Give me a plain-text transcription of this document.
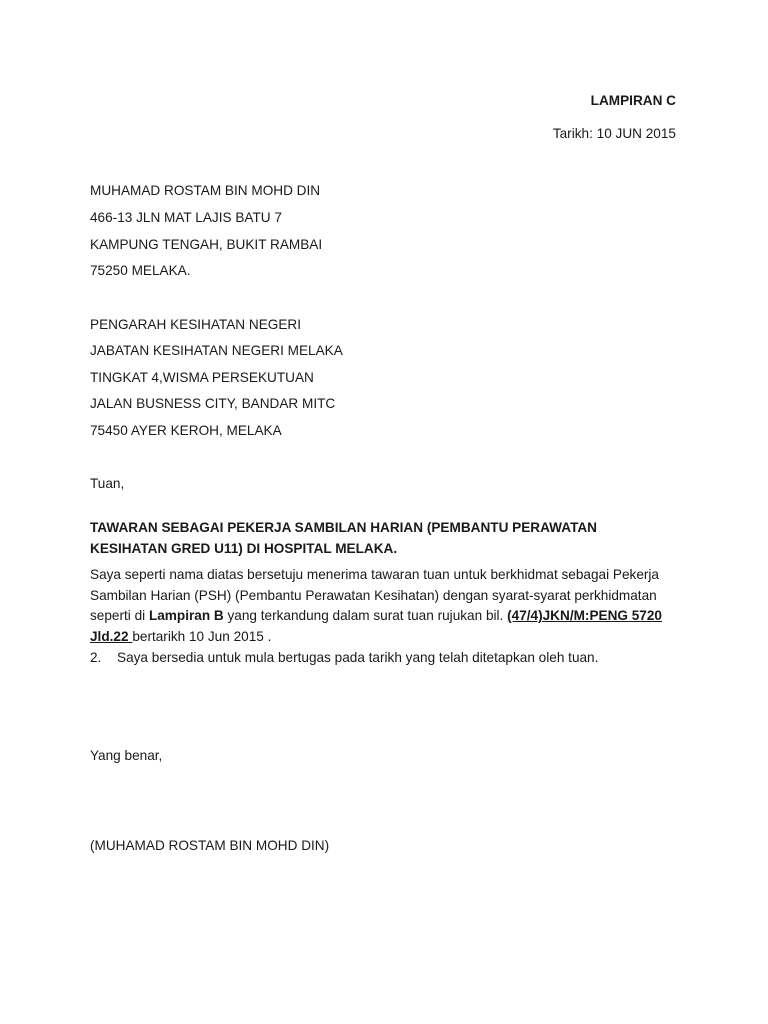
LAMPIRAN C
Tarikh: 10 JUN 2015
MUHAMAD ROSTAM BIN MOHD DIN
466-13 JLN MAT LAJIS BATU 7
KAMPUNG TENGAH, BUKIT RAMBAI
75250 MELAKA.
PENGARAH KESIHATAN NEGERI
JABATAN KESIHATAN NEGERI MELAKA
TINGKAT 4,WISMA PERSEKUTUAN
JALAN BUSNESS CITY, BANDAR MITC
75450 AYER KEROH, MELAKA
Tuan,
TAWARAN SEBAGAI PEKERJA SAMBILAN HARIAN (PEMBANTU PERAWATAN
KESIHATAN GRED U11) DI HOSPITAL MELAKA.
Saya seperti nama diatas bersetuju menerima tawaran tuan untuk berkhidmat sebagai Pekerja Sambilan Harian (PSH) (Pembantu Perawatan Kesihatan) dengan syarat-syarat perkhidmatan seperti di Lampiran B yang terkandung dalam surat tuan rujukan bil. (47/4)JKN/M:PENG 5720 Jld.22 bertarikh 10 Jun 2015 .
2. Saya bersedia untuk mula bertugas pada tarikh yang telah ditetapkan oleh tuan.
Yang benar,
(MUHAMAD ROSTAM BIN MOHD DIN)
